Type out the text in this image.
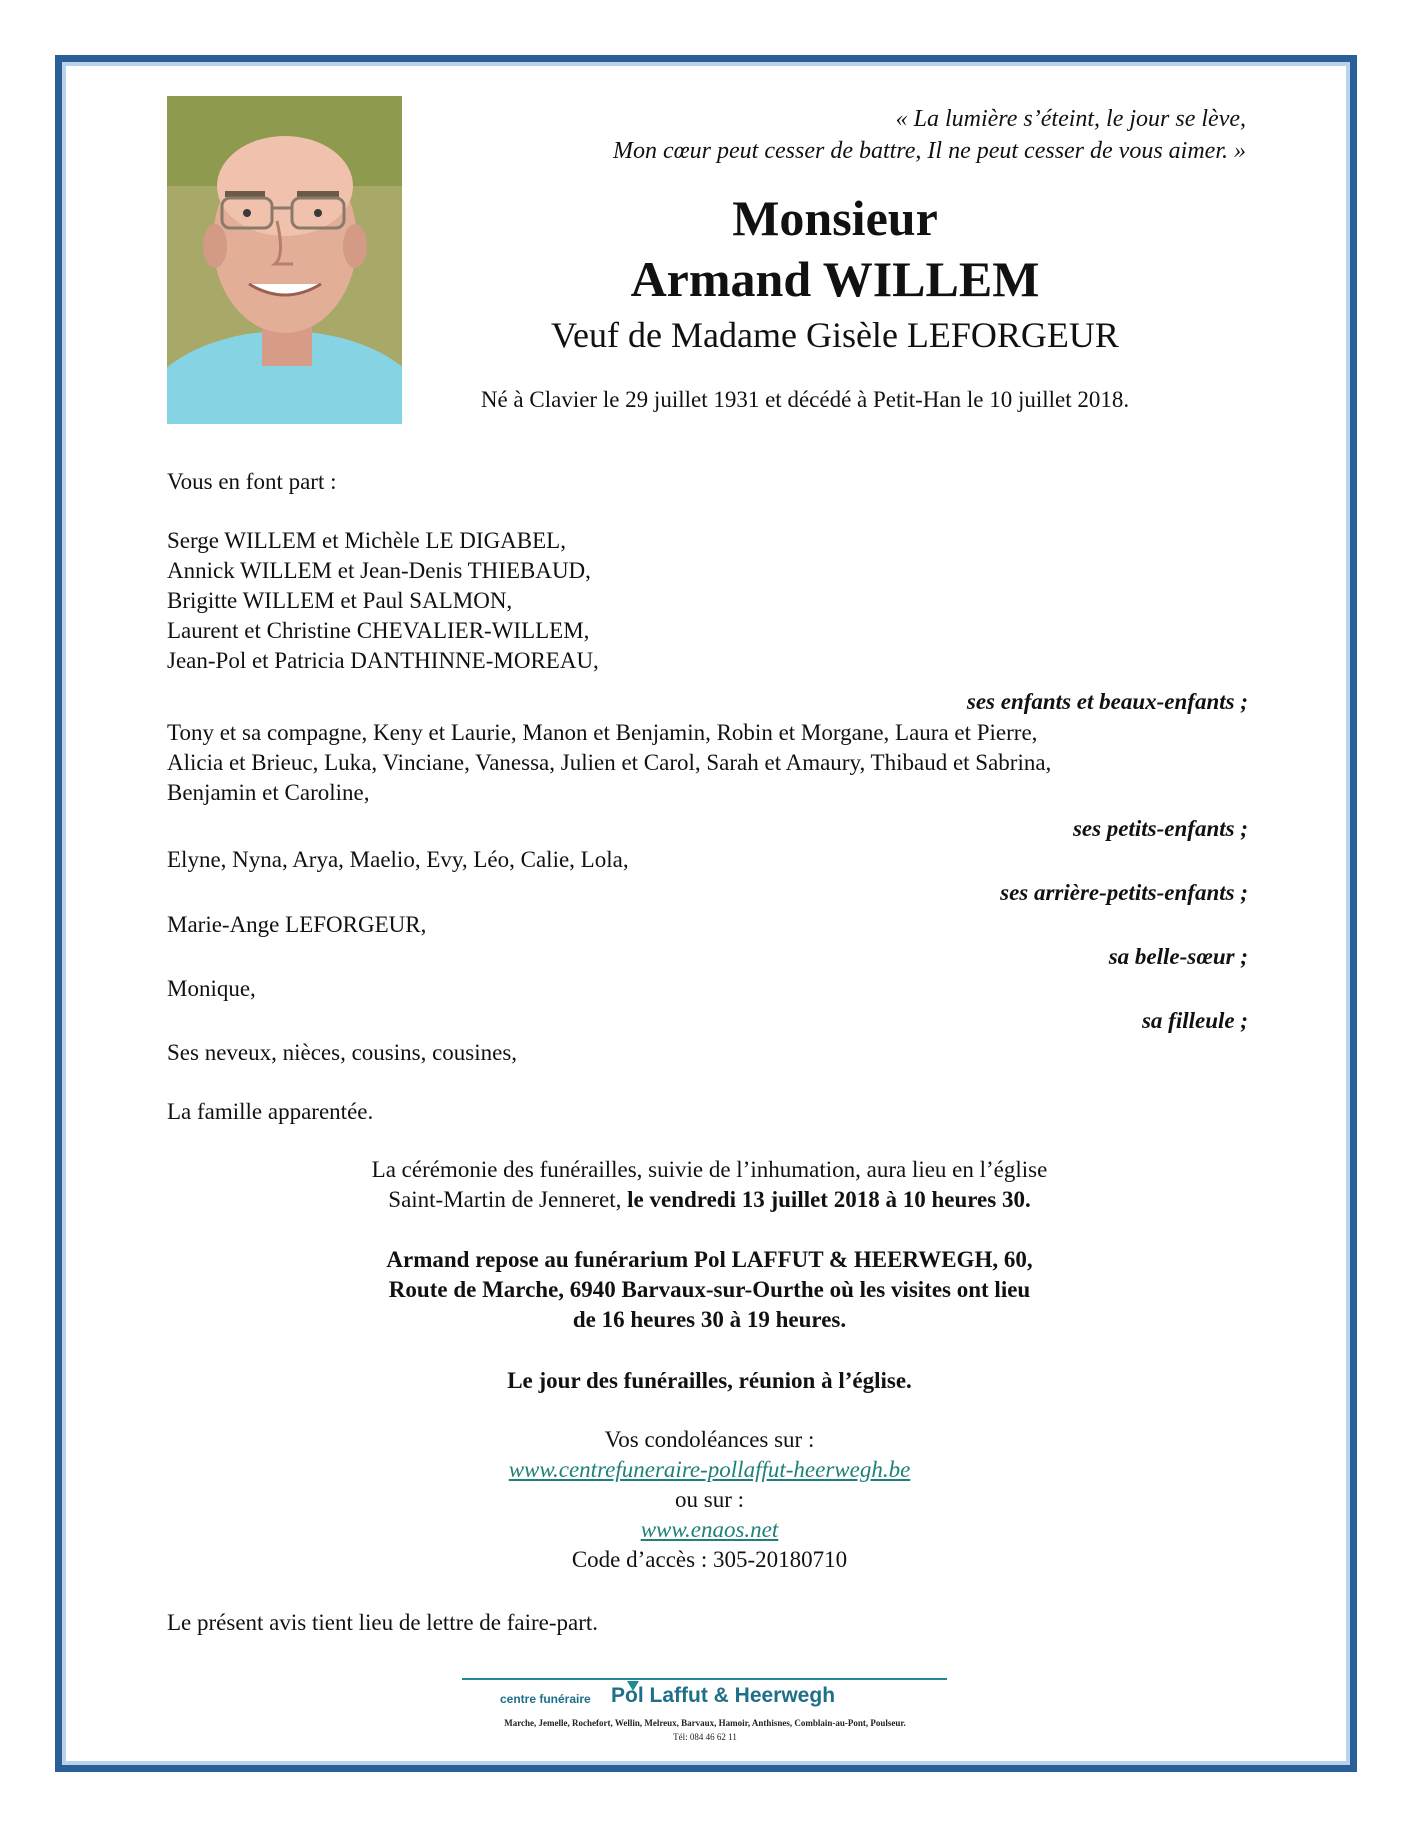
« La lumière s’éteint, le jour se lève,
Mon cœur peut cesser de battre, Il ne peut cesser de vous aimer. »
Monsieur
Armand WILLEM
Veuf de Madame Gisèle LEFORGEUR
Né à Clavier le 29 juillet 1931 et décédé à Petit-Han le 10 juillet 2018.
Vous en font part :
Serge WILLEM et Michèle LE DIGABEL,
Annick WILLEM et Jean-Denis THIEBAUD,
Brigitte WILLEM et Paul SALMON,
Laurent et Christine CHEVALIER-WILLEM,
Jean-Pol et Patricia DANTHINNE-MOREAU,
ses enfants et beaux-enfants ;
Tony et sa compagne, Keny et Laurie, Manon et Benjamin, Robin et Morgane, Laura et Pierre,
Alicia et Brieuc, Luka, Vinciane, Vanessa, Julien et Carol, Sarah et Amaury, Thibaud et Sabrina,
Benjamin et Caroline,
ses petits-enfants ;
Elyne, Nyna, Arya, Maelio, Evy, Léo, Calie, Lola,
ses arrière-petits-enfants ;
Marie-Ange LEFORGEUR,
sa belle-sœur ;
Monique,
sa filleule ;
Ses neveux, nièces, cousins, cousines,
La famille apparentée.
La cérémonie des funérailles, suivie de l’inhumation, aura lieu en l’église
Saint-Martin de Jenneret, le vendredi 13 juillet 2018 à 10 heures 30.
Armand repose au funérarium Pol LAFFUT & HEERWEGH, 60,
Route de Marche, 6940 Barvaux-sur-Ourthe où les visites ont lieu
de 16 heures 30 à 19 heures.
Le jour des funérailles, réunion à l’église.
Vos condoléances sur :
www.centrefuneraire-pollaffut-heerwegh.be
ou sur :
www.enaos.net
Code d’accès : 305-20180710
Le présent avis tient lieu de lettre de faire-part.
centre funéraire Pol Laffut & Heerwegh
Marche, Jemelle, Rochefort, Wellin, Melreux, Barvaux, Hamoir, Anthisnes, Comblain-au-Pont, Poulseur.
Tél: 084 46 62 11
